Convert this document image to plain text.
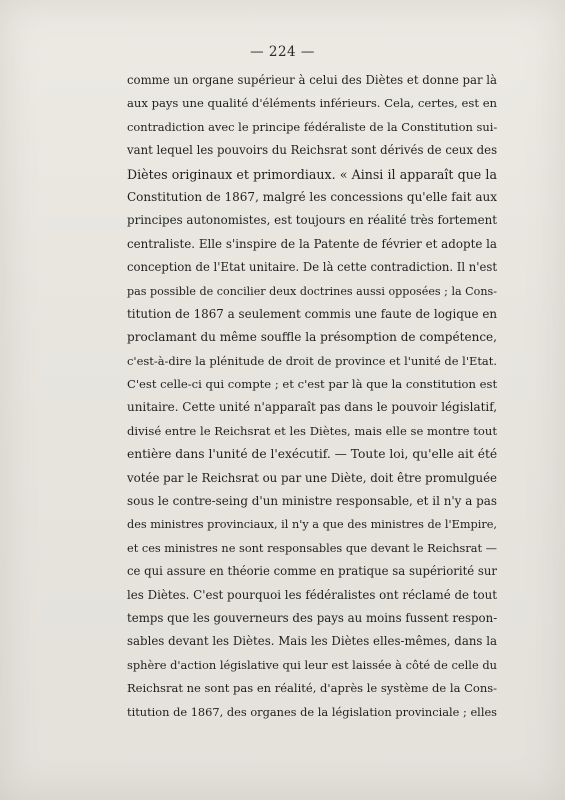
— 224 —
comme un organe supérieur à celui des Diètes et donne par là
aux pays une qualité d'éléments inférieurs. Cela, certes, est en
contradiction avec le principe fédéraliste de la Constitution sui-
vant lequel les pouvoirs du Reichsrat sont dérivés de ceux des
Diètes originaux et primordiaux. « Ainsi il apparaît que la
Constitution de 1867, malgré les concessions qu'elle fait aux
principes autonomistes, est toujours en réalité très fortement
centraliste. Elle s'inspire de la Patente de février et adopte la
conception de l'Etat unitaire. De là cette contradiction. Il n'est
pas possible de concilier deux doctrines aussi opposées ; la Cons-
titution de 1867 a seulement commis une faute de logique en
proclamant du même souffle la présomption de compétence,
c'est-à-dire la plénitude de droit de province et l'unité de l'Etat.
C'est celle-ci qui compte ; et c'est par là que la constitution est
unitaire. Cette unité n'apparaît pas dans le pouvoir législatif,
divisé entre le Reichsrat et les Diètes, mais elle se montre tout
entière dans l'unité de l'exécutif. — Toute loi, qu'elle ait été
votée par le Reichsrat ou par une Diète, doit être promulguée
sous le contre-seing d'un ministre responsable, et il n'y a pas
des ministres provinciaux, il n'y a que des ministres de l'Empire,
et ces ministres ne sont responsables que devant le Reichsrat —
ce qui assure en théorie comme en pratique sa supériorité sur
les Diètes. C'est pourquoi les fédéralistes ont réclamé de tout
temps que les gouverneurs des pays au moins fussent respon-
sables devant les Diètes. Mais les Diètes elles-mêmes, dans la
sphère d'action législative qui leur est laissée à côté de celle du
Reichsrat ne sont pas en réalité, d'après le système de la Cons-
titution de 1867, des organes de la législation provinciale ; elles
